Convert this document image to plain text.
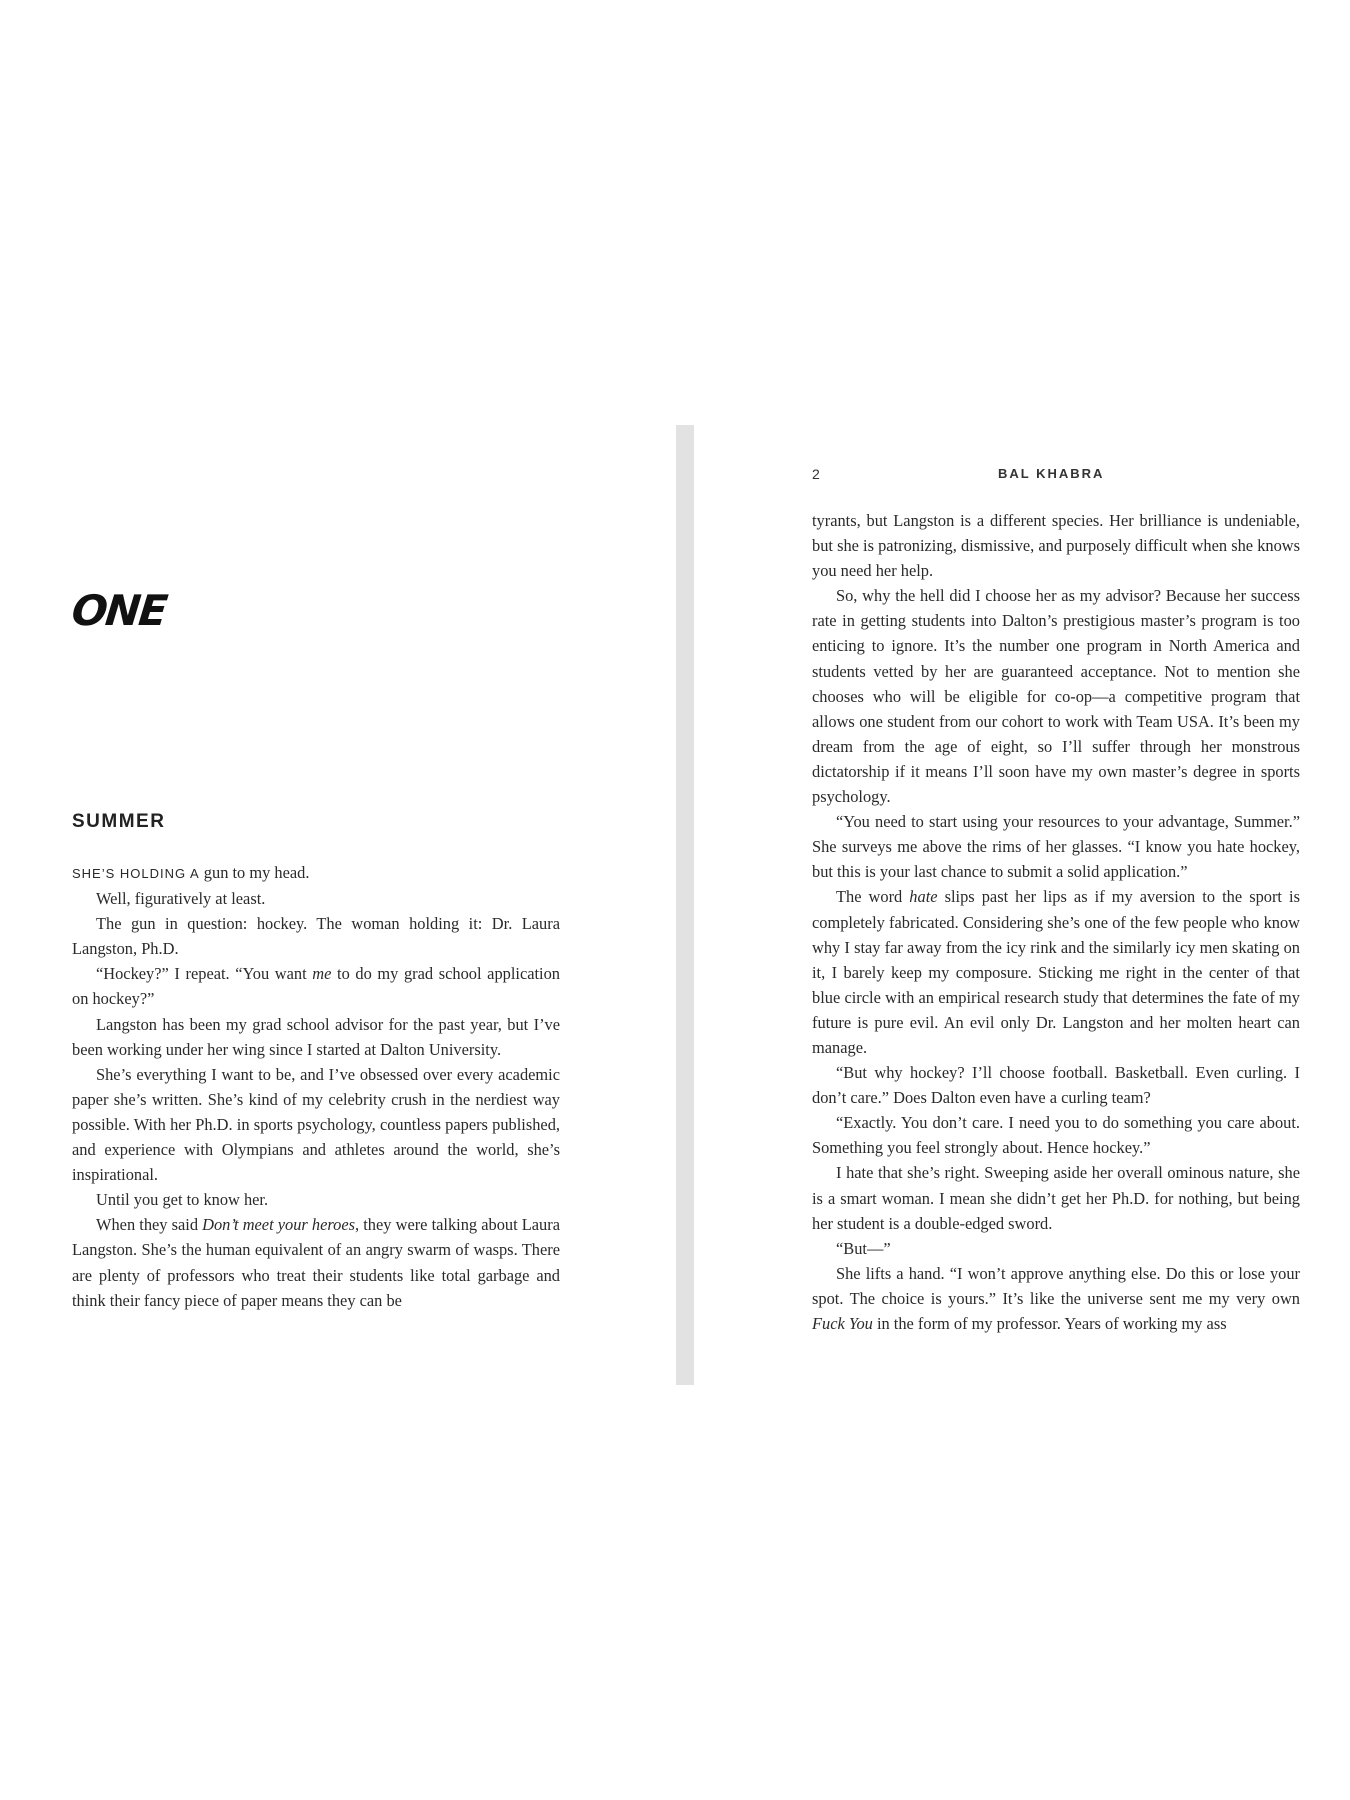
ONE
SUMMER

SHE’S HOLDING A gun to my head.

Well, figuratively at least.

The gun in question: hockey. The woman holding it: Dr. Laura Langston, Ph.D.

“Hockey?” I repeat. “You want me to do my grad school application on hockey?”

Langston has been my grad school advisor for the past year, but I’ve been working under her wing since I started at Dalton University.

She’s everything I want to be, and I’ve obsessed over every academic paper she’s written. She’s kind of my celebrity crush in the nerdiest way possible. With her Ph.D. in sports psychology, countless papers published, and experience with Olympians and athletes around the world, she’s inspirational.

Until you get to know her.

When they said Don’t meet your heroes, they were talking about Laura Langston. She’s the human equivalent of an angry swarm of wasps. There are plenty of professors who treat their students like total garbage and think their fancy piece of paper means they can be

2	BAL KHABRA

tyrants, but Langston is a different species. Her brilliance is undeniable, but she is patronizing, dismissive, and purposely difficult when she knows you need her help.

So, why the hell did I choose her as my advisor? Because her success rate in getting students into Dalton’s prestigious master’s program is too enticing to ignore. It’s the number one program in North America and students vetted by her are guaranteed acceptance. Not to mention she chooses who will be eligible for co-op—a competitive program that allows one student from our cohort to work with Team USA. It’s been my dream from the age of eight, so I’ll suffer through her monstrous dictatorship if it means I’ll soon have my own master’s degree in sports psychology.

“You need to start using your resources to your advantage, Summer.” She surveys me above the rims of her glasses. “I know you hate hockey, but this is your last chance to submit a solid application.”

The word hate slips past her lips as if my aversion to the sport is completely fabricated. Considering she’s one of the few people who know why I stay far away from the icy rink and the similarly icy men skating on it, I barely keep my composure. Sticking me right in the center of that blue circle with an empirical research study that determines the fate of my future is pure evil. An evil only Dr. Langston and her molten heart can manage.

“But why hockey? I’ll choose football. Basketball. Even curling. I don’t care.” Does Dalton even have a curling team?

“Exactly. You don’t care. I need you to do something you care about. Something you feel strongly about. Hence hockey.”

I hate that she’s right. Sweeping aside her overall ominous nature, she is a smart woman. I mean she didn’t get her Ph.D. for nothing, but being her student is a double-edged sword.

“But—”

She lifts a hand. “I won’t approve anything else. Do this or lose your spot. The choice is yours.” It’s like the universe sent me my very own Fuck You in the form of my professor. Years of working my ass
